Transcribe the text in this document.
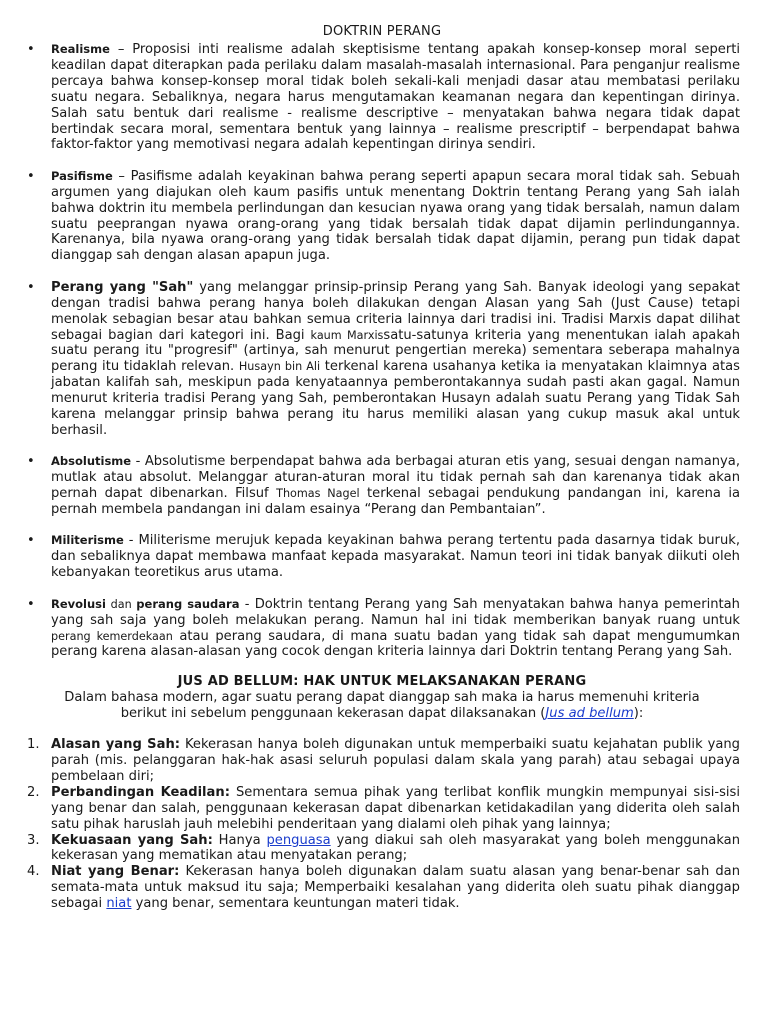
DOKTRIN PERANG
• Realisme – Proposisi inti realisme adalah skeptisisme tentang apakah konsep-konsep moral seperti keadilan dapat diterapkan pada perilaku dalam masalah-masalah internasional. Para penganjur realisme percaya bahwa konsep-konsep moral tidak boleh sekali-kali menjadi dasar atau membatasi perilaku suatu negara. Sebaliknya, negara harus mengutamakan keamanan negara dan kepentingan dirinya. Salah satu bentuk dari realisme - realisme descriptive – menyatakan bahwa negara tidak dapat bertindak secara moral, sementara bentuk yang lainnya – realisme prescriptif – berpendapat bahwa faktor-faktor yang memotivasi negara adalah kepentingan dirinya sendiri.
• Pasifisme – Pasifisme adalah keyakinan bahwa perang seperti apapun secara moral tidak sah. Sebuah argumen yang diajukan oleh kaum pasifis untuk menentang Doktrin tentang Perang yang Sah ialah bahwa doktrin itu membela perlindungan dan kesucian nyawa orang yang tidak bersalah, namun dalam suatu peeprangan nyawa orang-orang yang tidak bersalah tidak dapat dijamin perlindungannya. Karenanya, bila nyawa orang-orang yang tidak bersalah tidak dapat dijamin, perang pun tidak dapat dianggap sah dengan alasan apapun juga.
• Perang yang "Sah" yang melanggar prinsip-prinsip Perang yang Sah. Banyak ideologi yang sepakat dengan tradisi bahwa perang hanya boleh dilakukan dengan Alasan yang Sah (Just Cause) tetapi menolak sebagian besar atau bahkan semua criteria lainnya dari tradisi ini. Tradisi Marxis dapat dilihat sebagai bagian dari kategori ini. Bagi kaum Marxissatu-satunya kriteria yang menentukan ialah apakah suatu perang itu "progresif" (artinya, sah menurut pengertian mereka) sementara seberapa mahalnya perang itu tidaklah relevan. Husayn bin Ali terkenal karena usahanya ketika ia menyatakan klaimnya atas jabatan kalifah sah, meskipun pada kenyataannya pemberontakannya sudah pasti akan gagal. Namun menurut kriteria tradisi Perang yang Sah, pemberontakan Husayn adalah suatu Perang yang Tidak Sah karena melanggar prinsip bahwa perang itu harus memiliki alasan yang cukup masuk akal untuk berhasil.
• Absolutisme - Absolutisme berpendapat bahwa ada berbagai aturan etis yang, sesuai dengan namanya, mutlak atau absolut. Melanggar aturan-aturan moral itu tidak pernah sah dan karenanya tidak akan pernah dapat dibenarkan. Filsuf Thomas Nagel terkenal sebagai pendukung pandangan ini, karena ia pernah membela pandangan ini dalam esainya “Perang dan Pembantaian”.
• Militerisme - Militerisme merujuk kepada keyakinan bahwa perang tertentu pada dasarnya tidak buruk, dan sebaliknya dapat membawa manfaat kepada masyarakat. Namun teori ini tidak banyak diikuti oleh kebanyakan teoretikus arus utama.
• Revolusi dan perang saudara - Doktrin tentang Perang yang Sah menyatakan bahwa hanya pemerintah yang sah saja yang boleh melakukan perang. Namun hal ini tidak memberikan banyak ruang untuk perang kemerdekaan atau perang saudara, di mana suatu badan yang tidak sah dapat mengumumkan perang karena alasan-alasan yang cocok dengan kriteria lainnya dari Doktrin tentang Perang yang Sah.
JUS AD BELLUM: HAK UNTUK MELAKSANAKAN PERANG
Dalam bahasa modern, agar suatu perang dapat dianggap sah maka ia harus memenuhi kriteria berikut ini sebelum penggunaan kekerasan dapat dilaksanakan (Jus ad bellum):
1. Alasan yang Sah: Kekerasan hanya boleh digunakan untuk memperbaiki suatu kejahatan publik yang parah (mis. pelanggaran hak-hak asasi seluruh populasi dalam skala yang parah) atau sebagai upaya pembelaan diri;
2. Perbandingan Keadilan: Sementara semua pihak yang terlibat konflik mungkin mempunyai sisi-sisi yang benar dan salah, penggunaan kekerasan dapat dibenarkan ketidakadilan yang diderita oleh salah satu pihak haruslah jauh melebihi penderitaan yang dialami oleh pihak yang lainnya;
3. Kekuasaan yang Sah: Hanya penguasa yang diakui sah oleh masyarakat yang boleh menggunakan kekerasan yang mematikan atau menyatakan perang;
4. Niat yang Benar: Kekerasan hanya boleh digunakan dalam suatu alasan yang benar-benar sah dan semata-mata untuk maksud itu saja; Memperbaiki kesalahan yang diderita oleh suatu pihak dianggap sebagai niat yang benar, sementara keuntungan materi tidak.
